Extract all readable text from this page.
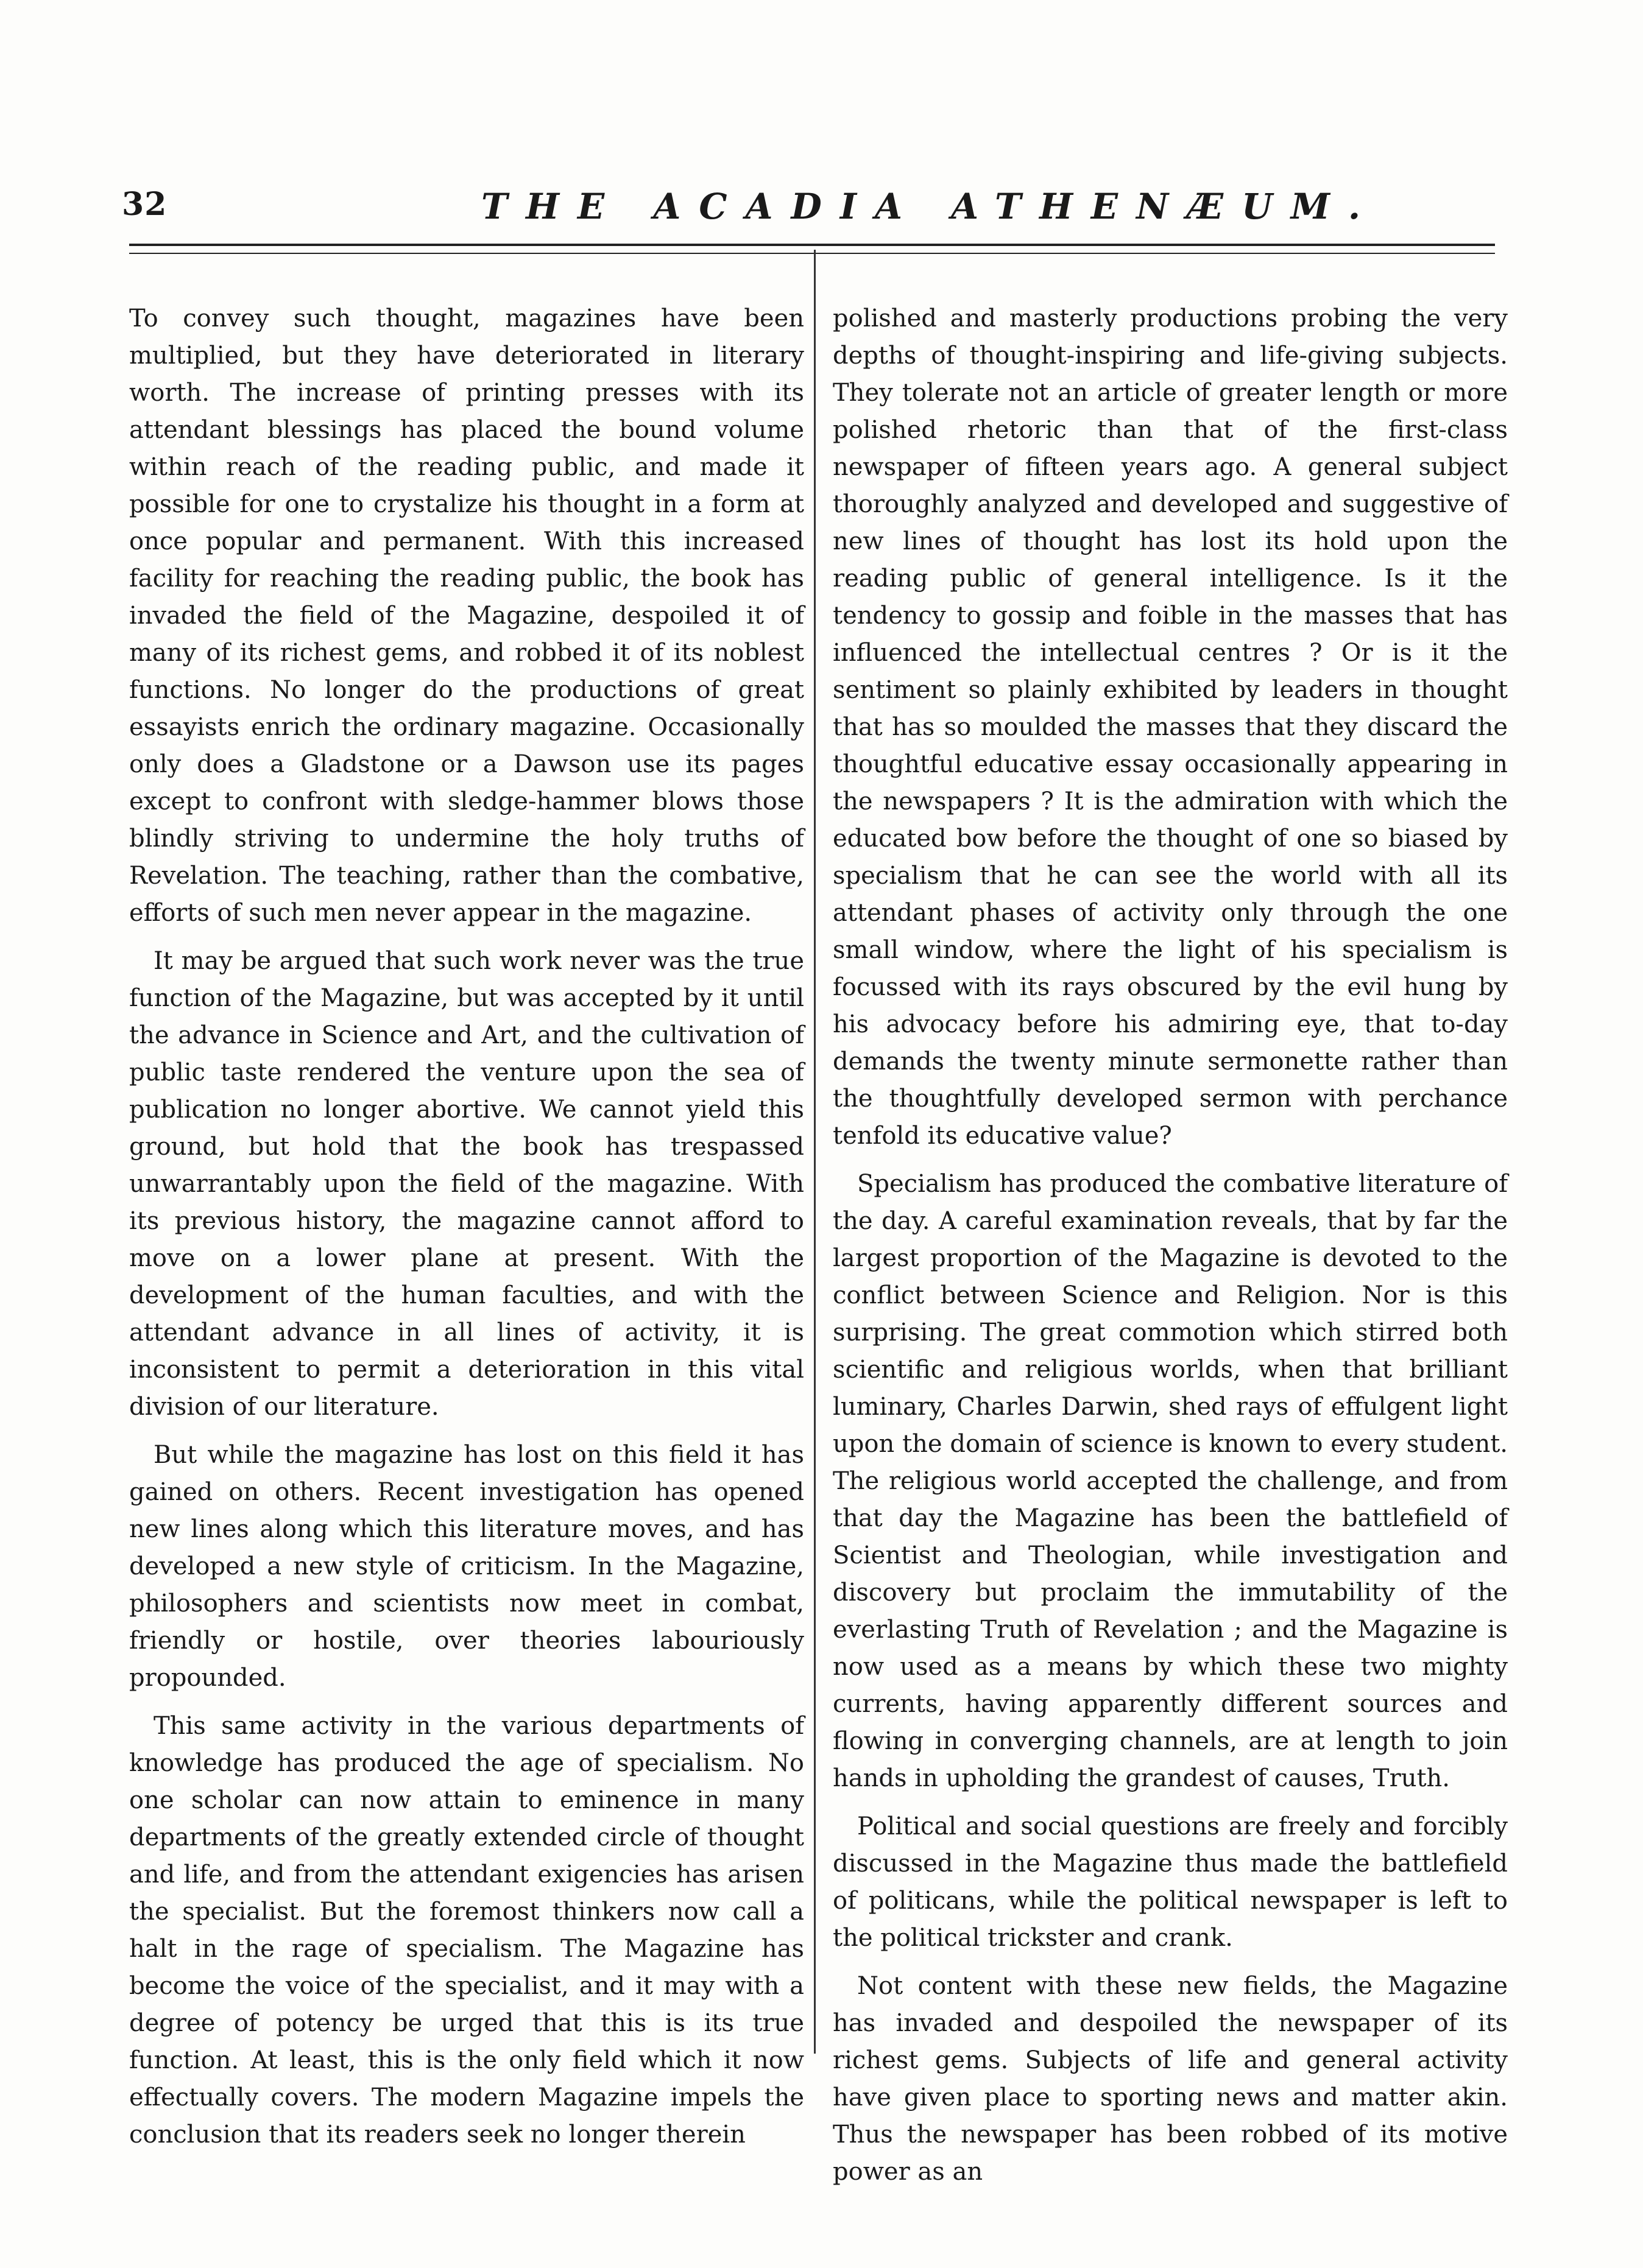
32	THE ACADIA ATHENÆUM.

To convey such thought, magazines have been multiplied, but they have deteriorated in literary worth. The increase of printing presses with its attendant blessings has placed the bound volume within reach of the reading public, and made it possible for one to crystalize his thought in a form at once popular and permanent. With this increased facility for reaching the reading public, the book has invaded the field of the Magazine, despoiled it of many of its richest gems, and robbed it of its noblest functions. No longer do the productions of great essayists enrich the ordinary magazine. Occasionally only does a Gladstone or a Dawson use its pages except to confront with sledge-hammer blows those blindly striving to undermine the holy truths of Revelation. The teaching, rather than the combative, efforts of such men never appear in the magazine.

It may be argued that such work never was the true function of the Magazine, but was accepted by it until the advance in Science and Art, and the cultivation of public taste rendered the venture upon the sea of publication no longer abortive. We cannot yield this ground, but hold that the book has trespassed unwarrantably upon the field of the magazine. With its previous history, the magazine cannot afford to move on a lower plane at present. With the development of the human faculties, and with the attendant advance in all lines of activity, it is inconsistent to permit a deterioration in this vital division of our literature.

But while the magazine has lost on this field it has gained on others. Recent investigation has opened new lines along which this literature moves, and has developed a new style of criticism. In the Magazine, philosophers and scientists now meet in combat, friendly or hostile, over theories labouriously propounded.

This same activity in the various departments of knowledge has produced the age of specialism. No one scholar can now attain to eminence in many departments of the greatly extended circle of thought and life, and from the attendant exigencies has arisen the specialist. But the foremost thinkers now call a halt in the rage of specialism. The Magazine has become the voice of the specialist, and it may with a degree of potency be urged that this is its true function. At least, this is the only field which it now effectually covers. The modern Magazine impels the conclusion that its readers seek no longer therein

polished and masterly productions probing the very depths of thought-inspiring and life-giving subjects. They tolerate not an article of greater length or more polished rhetoric than that of the first-class newspaper of fifteen years ago. A general subject thoroughly analyzed and developed and suggestive of new lines of thought has lost its hold upon the reading public of general intelligence. Is it the tendency to gossip and foible in the masses that has influenced the intellectual centres ? Or is it the sentiment so plainly exhibited by leaders in thought that has so moulded the masses that they discard the thoughtful educative essay occasionally appearing in the newspapers ? It is the admiration with which the educated bow before the thought of one so biased by specialism that he can see the world with all its attendant phases of activity only through the one small window, where the light of his specialism is focussed with its rays obscured by the evil hung by his advocacy before his admiring eye, that to-day demands the twenty minute sermonette rather than the thoughtfully developed sermon with perchance tenfold its educative value?

Specialism has produced the combative literature of the day. A careful examination reveals, that by far the largest proportion of the Magazine is devoted to the conflict between Science and Religion. Nor is this surprising. The great commotion which stirred both scientific and religious worlds, when that brilliant luminary, Charles Darwin, shed rays of effulgent light upon the domain of science is known to every student. The religious world accepted the challenge, and from that day the Magazine has been the battlefield of Scientist and Theologian, while investigation and discovery but proclaim the immutability of the everlasting Truth of Revelation ; and the Magazine is now used as a means by which these two mighty currents, having apparently different sources and flowing in converging channels, are at length to join hands in upholding the grandest of causes, Truth.

Political and social questions are freely and forcibly discussed in the Magazine thus made the battlefield of politicans, while the political newspaper is left to the political trickster and crank.

Not content with these new fields, the Magazine has invaded and despoiled the newspaper of its richest gems. Subjects of life and general activity have given place to sporting news and matter akin. Thus the newspaper has been robbed of its motive power as an
